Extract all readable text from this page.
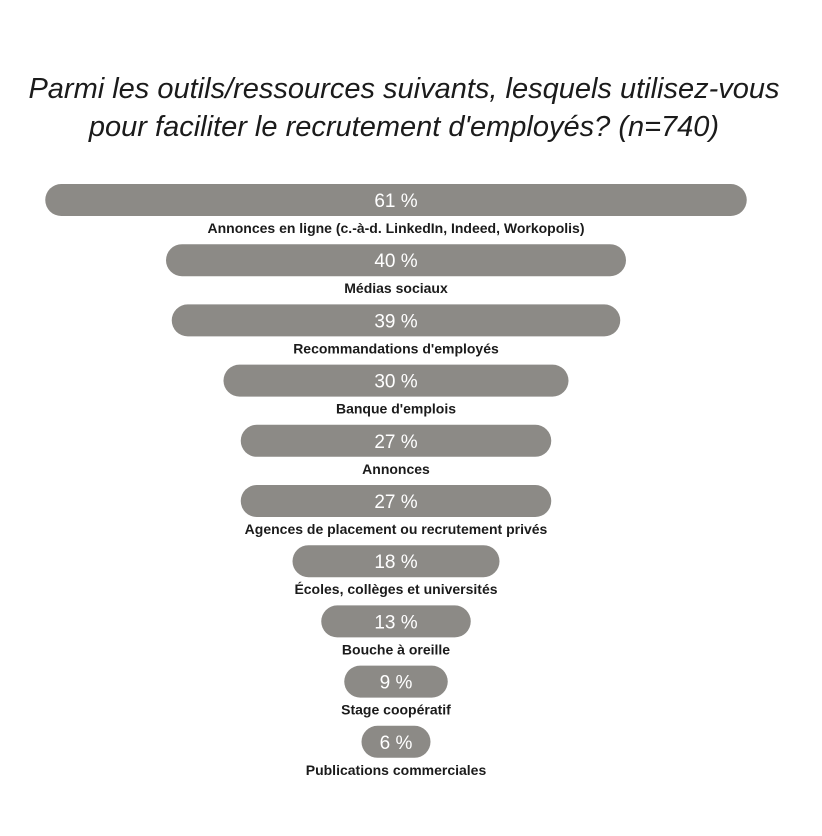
Parmi les outils/ressources suivants, lesquels utilisez-vous
pour faciliter le recrutement d'employés? (n=740)
61 %
Annonces en ligne (c.-à-d. LinkedIn, Indeed, Workopolis)
40 %
Médias sociaux
39 %
Recommandations d'employés
30 %
Banque d'emplois
27 %
Annonces
27 %
Agences de placement ou recrutement privés
18 %
Écoles, collèges et universités
13 %
Bouche à oreille
9 %
Stage coopératif
6 %
Publications commerciales
